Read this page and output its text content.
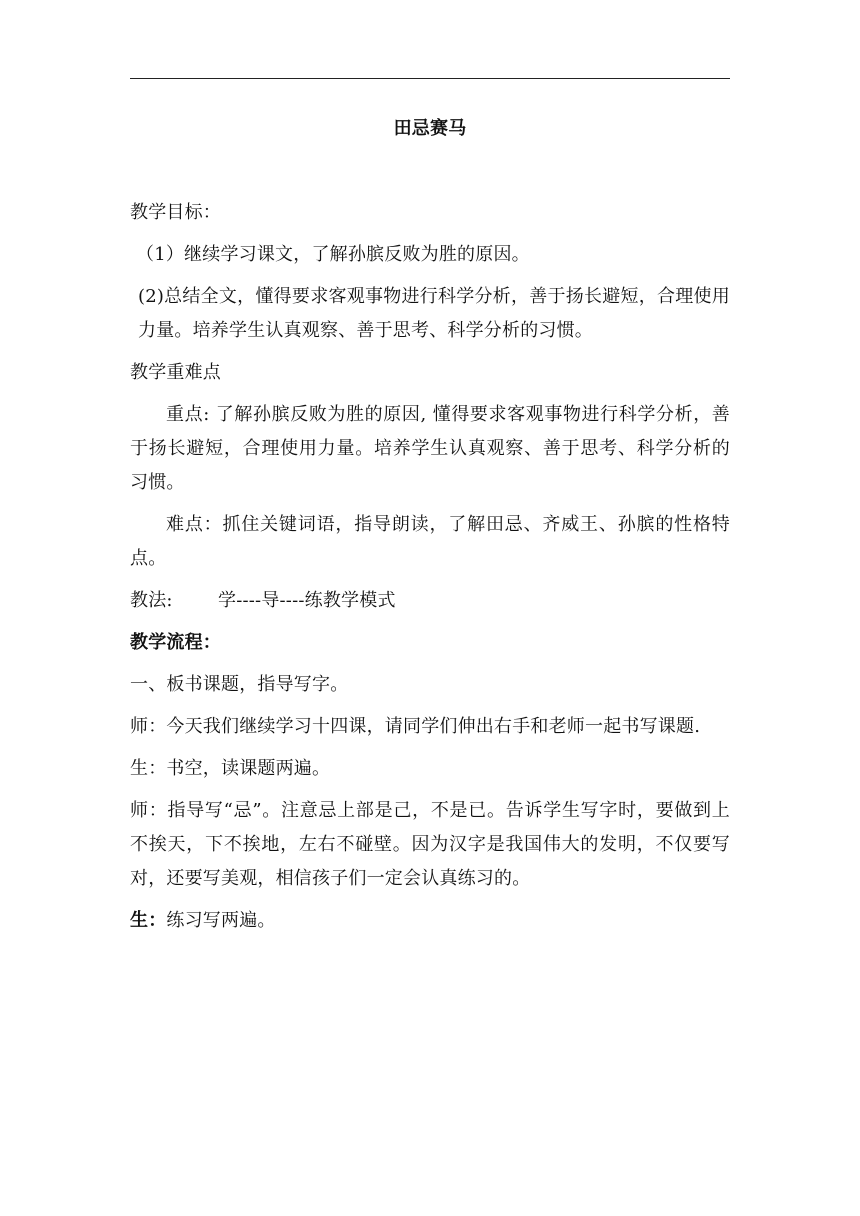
田忌赛马

教学目标：

（1）继续学习课文，了解孙膑反败为胜的原因。

(2)总结全文，懂得要求客观事物进行科学分析，善于扬长避短，合理使用力量。培养学生认真观察、善于思考、科学分析的习惯。

教学重难点

重点: 了解孙膑反败为胜的原因, 懂得要求客观事物进行科学分析，善于扬长避短，合理使用力量。培养学生认真观察、善于思考、科学分析的习惯。

难点：抓住关键词语，指导朗读，了解田忌、齐威王、孙膑的性格特点。

教法:	学----导----练教学模式

教学流程：

一、板书课题，指导写字。

师：今天我们继续学习十四课，请同学们伸出右手和老师一起书写课题.

生：书空，读课题两遍。

师：指导写“忌”。注意忌上部是己，不是已。告诉学生写字时，要做到上不挨天，下不挨地，左右不碰壁。因为汉字是我国伟大的发明，不仅要写对，还要写美观，相信孩子们一定会认真练习的。

生：练习写两遍。
